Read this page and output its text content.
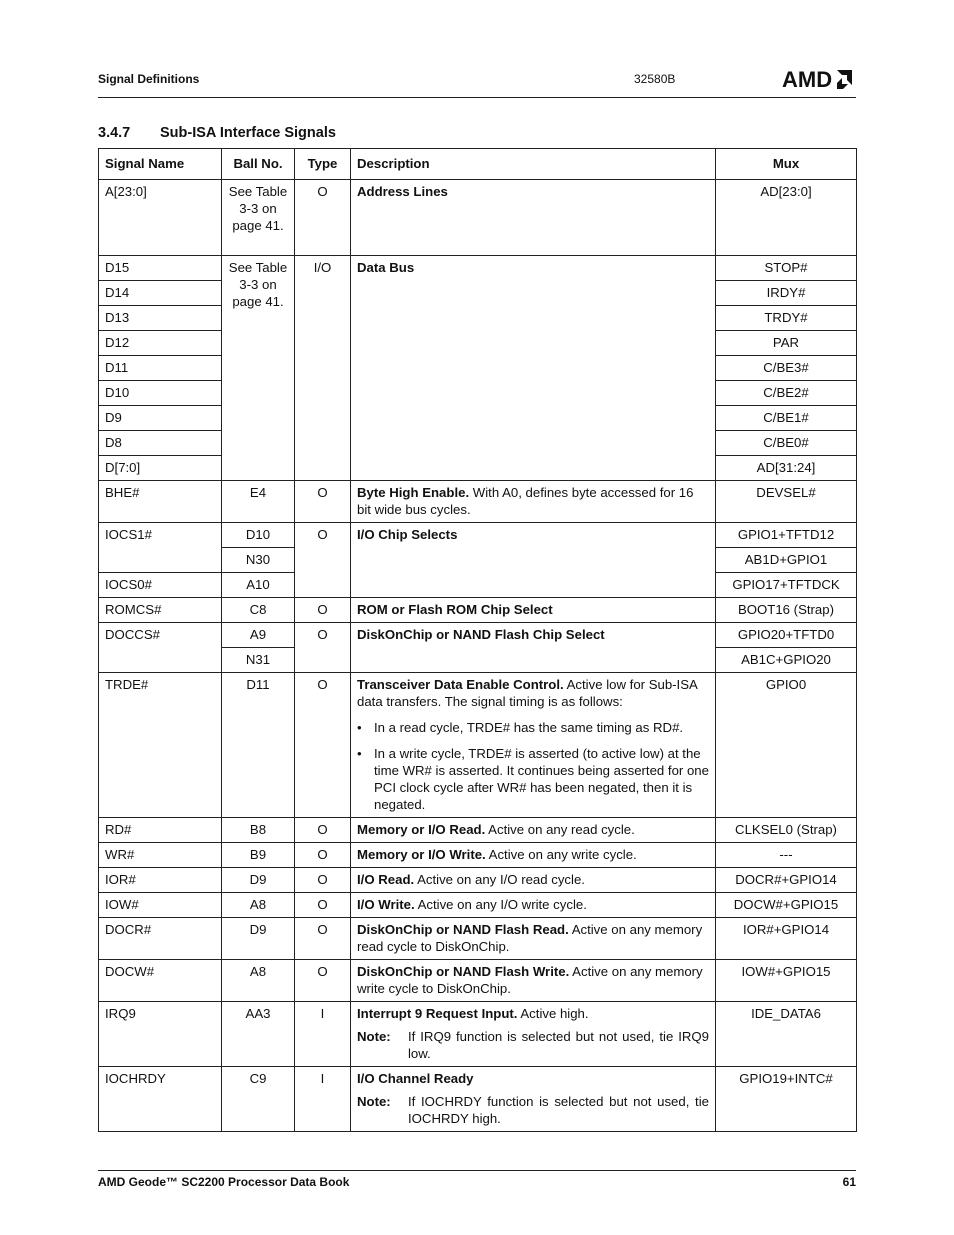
Signal Definitions	32580B	AMD
3.4.7 Sub-ISA Interface Signals
Signal Name	Ball No.	Type	Description	Mux
A[23:0]	See Table 3-3 on page 41.	O	Address Lines	AD[23:0]
D15	See Table 3-3 on page 41.	I/O	Data Bus	STOP#
D14				IRDY#
D13				TRDY#
D12				PAR
D11				C/BE3#
D10				C/BE2#
D9				C/BE1#
D8				C/BE0#
D[7:0]				AD[31:24]
BHE#	E4	O	Byte High Enable. With A0, defines byte accessed for 16 bit wide bus cycles.	DEVSEL#
IOCS1#	D10	O	I/O Chip Selects	GPIO1+TFTD12
	N30			AB1D+GPIO1
IOCS0#	A10			GPIO17+TFTDCK
ROMCS#	C8	O	ROM or Flash ROM Chip Select	BOOT16 (Strap)
DOCCS#	A9	O	DiskOnChip or NAND Flash Chip Select	GPIO20+TFTD0
	N31			AB1C+GPIO20
TRDE#	D11	O	Transceiver Data Enable Control. Active low for Sub-ISA data transfers. The signal timing is as follows:

• In a read cycle, TRDE# has the same timing as RD#.
• In a write cycle, TRDE# is asserted (to active low) at the time WR# is asserted. It continues being asserted for one PCI clock cycle after WR# has been negated, then it is negated.	GPIO0
RD#	B8	O	Memory or I/O Read. Active on any read cycle.	CLKSEL0 (Strap)
WR#	B9	O	Memory or I/O Write. Active on any write cycle.	---
IOR#	D9	O	I/O Read. Active on any I/O read cycle.	DOCR#+GPIO14
IOW#	A8	O	I/O Write. Active on any I/O write cycle.	DOCW#+GPIO15
DOCR#	D9	O	DiskOnChip or NAND Flash Read. Active on any memory read cycle to DiskOnChip.	IOR#+GPIO14
DOCW#	A8	O	DiskOnChip or NAND Flash Write. Active on any memory write cycle to DiskOnChip.	IOW#+GPIO15
IRQ9	AA3	I	Interrupt 9 Request Input. Active high.

Note: If IRQ9 function is selected but not used, tie IRQ9 low.	IDE_DATA6
IOCHRDY	C9	I	I/O Channel Ready

Note: If IOCHRDY function is selected but not used, tie IOCHRDY high.	GPIO19+INTC#
AMD Geode™ SC2200 Processor Data Book	61
